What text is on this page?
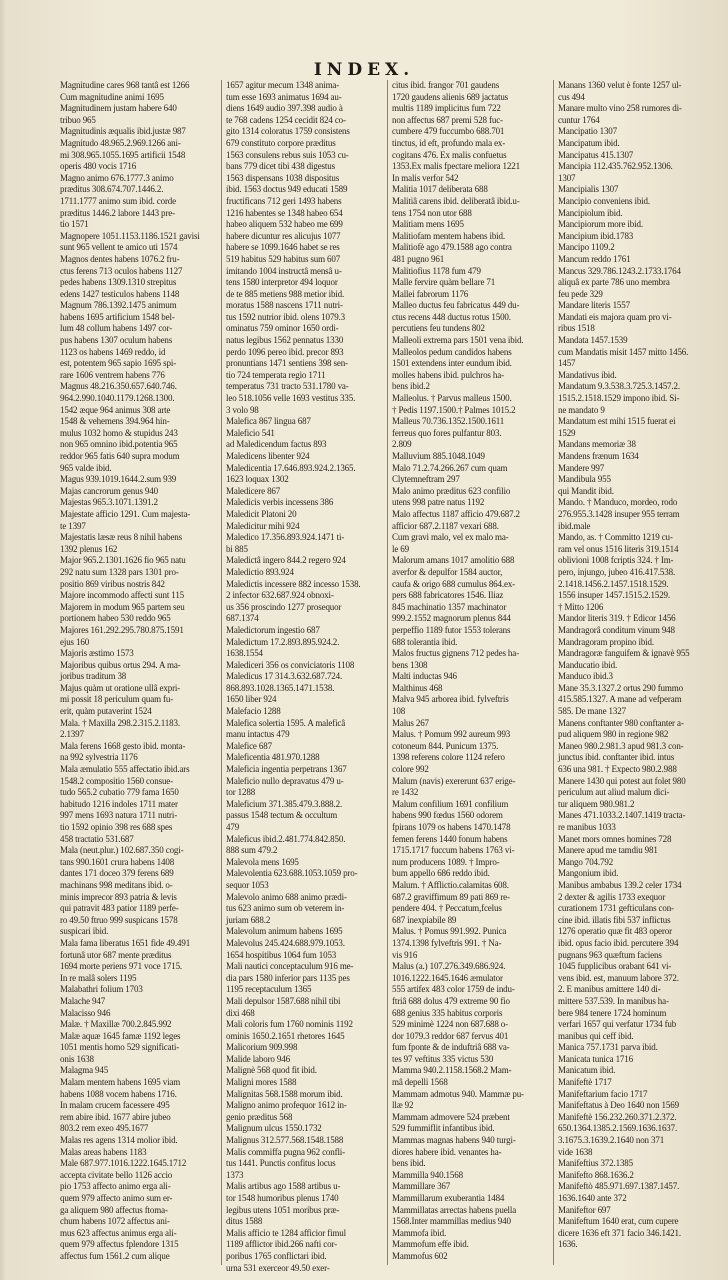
INDEX.
Magnitudine cares 968 tantâ est 1266
Cum magnitudine animi 1695
Magnitudinem justam habere 640
tribuo 965
Magnitudinis æqualis ibid.justæ 987
Magnitudo 48.965.2.969.1266 ani-
mi 308.965.1055.1695 artificii 1548
operis 480 vocis 1716
Magno animo 676.1777.3 animo
præditus 308.674.707.1446.2.
1711.1777 animo sum ibid. corde
præditus 1446.2 labore 1443 pre-
tio 1571
Magnopere 1051.1153.1186.1521 gavisi
sunt 965 vellent te amico uti 1574
Magnos dentes habens 1076.2 fru-
ctus ferens 713 oculos habens 1127
pedes habens 1309.1310 strepitus
edens 1427 testiculos habens 1148
Magnum 786.1392.1475 animum
habens 1695 artificium 1548 bel-
lum 48 collum habens 1497 cor-
pus habens 1307 oculum habens
1123 os habens 1469 reddo, id
est, potentem 965 sapio 1695 spi-
rare 1606 ventrem habens 776
Magnus 48.216.350.657.640.746.
964.2.990.1040.1179.1268.1300.
1542 æque 964 animus 308 arte
1548 & vehemens 394.964 hin-
mulus 1032 homo & stupidus 243
non 965 omnino ibid.potentia 965
reddor 965 fatis 640 supra modum
965 valde ibid.
Magus 939.1019.1644.2.sum 939
Majas cancrorum genus 940
Majestas 965.3.1071.1391.2
Majestate afficio 1291. Cum majesta-
te 1397
Majestatis læsæ reus 8 nihil habens
1392 plenus 162
Major 965.2.1301.1626 fio 965 natu
292 natu sum 1328 pars 1301 pro-
positio 869 viribus nostris 842
Majore incommodo affecti sunt 115
Majorem in modum 965 partem seu
portionem habeo 530 reddo 965
Majores 161.292.295.780.875.1591
ejus 160
Majoris æstimo 1573
Majoribus quibus ortus 294. A ma-
joribus traditum 38
Majus quàm ut oratione ullâ expri-
mi possit 18 periculum quam fu-
erit, quàm putaverint 1524
Mala. † Maxilla 298.2.315.2.1183.
2.1397
Mala ferens 1668 gesto ibid. monta-
na 992 sylvestria 1176
Mala æmulatio 555 affectatio ibid.ars
1548.2 compositio 1560 consue-
tudo 565.2 cubatio 779 fama 1650
habitudo 1216 indoles 1711 mater
997 mens 1693 natura 1711 nutri-
tio 1592 opinio 398 res 688 spes
458 tractatio 531.687
Mala (neut.plur.) 102.687.350 cogi-
tans 990.1601 crura habens 1408
dantes 171 doceo 379 ferens 689
machinans 998 meditans ibid. o-
minis imprecor 893 patria & levis
qui patravit 483 patior 1189 perfe-
ro 49.50 ftruo 999 suspicans 1578
suspicari ibid.
Mala fama liberatus 1651 fide 49.491
fortunâ utor 687 mente præditus
1694 morte periens 971 voce 1715.
In re malâ solers 1195
Malabathri folium 1703
Malache 947
Malacisso 946
Malæ. † Maxillæ 700.2.845.992
Malæ aquæ 1645 famæ 1192 leges
1051 mentis homo 529 significati-
onis 1638
Malagma 945
Malam mentem habens 1695 viam
habens 1088 vocem habens 1716.
In malam crucem facessere 495
rem abire ibid. 1677 abire jubeo
803.2 rem exeo 495.1677
Malas res agens 1314 molior ibid.
Malas areas habens 1183
Male 687.977.1016.1222.1645.1712
accepta civitate bello 1126 accio
pio 1753 affecto animo erga ali-
quem 979 affecto animo sum er-
ga aliquem 980 affectus ftoma-
chum habens 1072 affectus ani-
mus 623 affectus animus erga ali-
quem 979 affectus fplendore 1315
affectus fum 1561.2 cum alique
1657 agitur mecum 1348 anima-
tum esse 1693 animatus 1694 au-
diens 1649 audio 397.398 audio à
te 768 cadens 1254 cecidit 824 co-
gito 1314 coloratus 1759 consistens
679 constituto corpore præditus
1563 consulens rebus suis 1053 cu-
bans 779 dicet tibi 438 digestus
1563 dispensans 1038 dispositus
ibid. 1563 doctus 949 educati 1589
fructificans 712 geri 1493 habens
1216 habentes se 1348 habeo 654
habeo aliquem 532 habeo me 699
habere dicuntur res alicujus 1077
habere se 1099.1646 habet se res
519 habitus 529 habitus sum 607
imitando 1004 instructâ mensâ u-
tens 1580 interpretor 494 loquor
de te 885 metiens 988 metior ibid.
moratus 1588 nascens 1711 nutri-
tus 1592 nutrior ibid. olens 1079.3
ominatus 759 ominor 1650 ordi-
natus legibus 1562 pennatus 1330
perdo 1096 pereo ibid. precor 893
pronuntians 1471 sentiens 398 sen-
tio 724 temperata regio 1711
temperatus 731 tracto 531.1780 va-
leo 518.1056 velle 1693 vestitus 335.
3 volo 98
Malefica 867 lingua 687
Maleficio 541
ad Maledicendum factus 893
Maledicens libenter 924
Maledicentia 17.646.893.924.2.1365.
1623 loquax 1302
Maledicere 867
Maledicis verbis incessens 386
Maledicit Platoni 20
Maledicitur mihi 924
Maledico 17.356.893.924.1471 ti-
bi 885
Maledictâ ingero 844.2 regero 924
Maledictio 893.924
Maledictis incessere 882 incesso 1538.
2 infector 632.687.924 obnoxi-
us 356 proscindo 1277 prosequor
687.1374
Maledictorum ingestio 687
Maledictum 17.2.893.895.924.2.
1638.1554
Malediceri 356 os conviciatoris 1108
Maledicus 17 314.3.632.687.724.
868.893.1028.1365.1471.1538.
1650 liber 924
Malefacio 1288
Malefica solertia 1595. A maleficâ
manu intactus 479
Malefice 687
Maleficentia 481.970.1288
Maleficia ingentia perpetrans 1367
Maleficio nullo depravatus 479 u-
tor 1288
Maleficium 371.385.479.3.888.2.
passus 1548 tectum & occultum
479
Maleficus ibid.2.481.774.842.850.
888 sum 479.2
Malevola mens 1695
Malevolentia 623.688.1053.1059 pro-
sequor 1053
Malevolo animo 688 animo prædi-
tus 623 animo sum ob veterem in-
juriam 688.2
Malevolum animum habens 1695
Malevolus 245.424.688.979.1053.
1654 hospitibus 1064 fum 1053
Mali nautici conceptaculum 916 me-
dia pars 1580 inferior pars 1135 pes
1195 receptaculum 1365
Mali depulsor 1587.688 nihil tibi
dixi 468
Mali coloris fum 1760 nominis 1192
ominis 1650.2.1651 rhetores 1645
Malicorium 909.998
Malide laboro 946
Malignè 568 quod fit ibid.
Maligni mores 1588
Malignitas 568.1588 morum ibid.
Maligno animo profequor 1612 in-
genio præditus 568
Malignum ulcus 1550.1732
Malignus 312.577.568.1548.1588
Malis commiffa pugna 962 confli-
tus 1441. Punctis confitus locus
1373
Malis artibus ago 1588 artibus u-
tor 1548 humoribus plenus 1740
legibus utens 1051 moribus præ-
ditus 1588
Malis afficio te 1284 afficior fimul
1189 afflictor ibid.266 nafti cor-
poribus 1765 conflictari ibid.
urna 531 exerceor 49.50 exer-
citus ibid. frangor 701 gaudens
1720 gaudens alienis 689 jactatus
multis 1189 implicitus fum 722
non affectus 687 premi 528 fuc-
cumbere 479 fuccumbo 688.701
tinctus, id eft, profundo mala ex-
cogitans 476. Ex malis confuetus
1353.Ex malis fpectare meliora 1221
In malis verfor 542
Malitia 1017 deliberata 688
Malitiâ carens ibid. deliberatâ ibid.u-
tens 1754 non utor 688
Malitiam mens 1695
Malitiofam mentem habens ibid.
Malitiofè ago 479.1588 ago contra
481 pugno 961
Malitiofius 1178 fum 479
Malle fervire quàm bellare 71
Mallei fabrorum 1176
Malleo ductus feu fabricatus 449 du-
ctus recens 448 ductus rotus 1500.
percutiens feu tundens 802
Malleoli extrema pars 1501 vena ibid.
Malleolos pedum candidos habens
1501 extendens inter eundum ibid.
molles habens ibid. pulchros ha-
bens ibid.2
Malleolus. † Parvus malleus 1500.
† Pedis 1197.1500.† Palmes 1015.2
Malleus 70.736.1352.1500.1611
ferreus quo fores pulfantur 803.
2.809
Malluvium 885.1048.1049
Malo 71.2.74.266.267 cum quam
Clytemneftram 297
Malo animo præditus 623 confilio
utens 998 patre natus 1192
Malo affectus 1187 afficio 479.687.2
afficior 687.2.1187 vexari 688.
Cum gravi malo, vel ex malo ma-
le 69
Malorum amans 1017 amolitio 688
averfor & depulfor 1584 auctor,
caufa & origo 688 cumulus 864.ex-
pers 688 fabricatores 1546. Iliaz
845 machinatio 1357 machinator
999.2.1552 magnorum plenus 844
perpeffio 1189 futor 1553 tolerans
688 tolerantia ibid.
Malos fructus gignens 712 pedes ha-
bens 1308
Malti inductas 946
Malthinus 468
Malva 945 arborea ibid. fylveftris
108
Malus 267
Malus. † Pomum 992 aureum 993
cotoneum 844. Punicum 1375.
1398 referens colore 1124 refero
colore 992
Malum (navis) exererunt 637 erige-
re 1432
Malum confilium 1691 confilium
habens 990 fœdus 1560 odorem
fpirans 1079 os habens 1470.1478
femen ferens 1440 fonum habens
1715.1717 fuccum habens 1763 vi-
num producens 1089. † Impro-
bum appello 686 reddo ibid.
Malum. † Afflictio.calamitas 608.
687.2 graviffimum 89 pati 869 re-
pendere 404. † Peccatum,fcelus
687 inexpiabile 89
Malus. † Pomus 991.992. Punica
1374.1398 fylveftris 991. † Na-
vis 916
Malus (a.) 107.276.349.686.924.
1016.1222.1645.1646 æmulator
555 artifex 483 color 1759 de indu-
ftriâ 688 dolus 479 extreme 90 fio
688 genius 335 habitus corporis
529 minimè 1224 non 687.688 o-
dor 1079.3 reddor 687 fervus 401
fum fponte & de induftriâ 688 va-
tes 97 veftitus 335 victus 530
Mamma 940.2.1158.1568.2 Mam-
mâ depelli 1568
Mammam admotus 940. Mammæ pu-
llæ 92
Mammam admovere 524 præbent
529 fummiflit infantibus ibid.
Mammas magnas habens 940 turgi-
diores habere ibid. venantes ha-
bens ibid.
Mammilla 940.1568
Mammillare 367
Mammillarum exuberantia 1484
Mammillatas arrectas habens puella
1568.Inter mammillas medius 940
Mammofa ibid.
Mammofum effe ibid.
Mammofus 602
Manans 1360 velut è fonte 1257 ul-
cus 494
Manare multo vino 258 rumores di-
cuntur 1764
Mancipatio 1307
Mancipatum ibid.
Mancipatus 415.1307
Mancipia 112.435.762.952.1306.
1307
Mancipialis 1307
Mancipio conveniens ibid.
Mancipiolum ibid.
Mancipiorum more ibid.
Mancipium ibid.1783
Mancipo 1109.2
Mancum reddo 1761
Mancus 329.786.1243.2.1733.1764
aliquâ ex parte 786 uno membra
feu pede 329
Mandare literis 1557
Mandati eis majora quam pro vi-
ribus 1518
Mandata 1457.1539
cum Mandatis misit 1457 mitto 1456.
1457
Mandativus ibid.
Mandatum 9.3.538.3.725.3.1457.2.
1515.2.1518.1529 impono ibid. Si-
ne mandato 9
Mandatum est mihi 1515 fuerat ei
1529
Mandans memoriæ 38
Mandens frænum 1634
Mandere 997
Mandibula 955
qui Mandit ibid.
Mando. † Manduco, mordeo, rodo
276.955.3.1428 insuper 955 terram
ibid.male
Mando, as. † Committo 1219 cu-
ram vel onus 1516 literis 319.1514
oblivioni 1008 fcriptis 324. † Im-
pero, injungo, jubeo 416.417.538.
2.1418.1456.2.1457.1518.1529.
1556 insuper 1457.1515.2.1529.
† Mitto 1206
Mandor literis 319. † Edicor 1456
Mandragorâ conditum vinum 948
Mandragoram propino ibid.
Mandragoræ fanguifem & ignavè 955
Manducatio ibid.
Manduco ibid.3
Mane 35.3.1327.2 ortus 290 fummo
415.585.1327. A mane ad vefperam
585. De mane 1327
Manens conftanter 980 conftanter a-
pud aliquem 980 in regione 982
Maneo 980.2.981.3 apud 981.3 con-
junctus ibid. conftanter ibid. intus
636 una 981. † Expecto 980.2.988
Manere 1430 qui potest aut folet 980
periculum aut aliud malum dici-
tur aliquem 980.981.2
Manes 471.1033.2.1407.1419 tracta-
re manibus 1033
Manet mors omnes homines 728
Manere apud me tamdiu 981
Mango 704.792
Mangonium ibid.
Manibus ambabus 139.2 celer 1734
2 dexter & agilis 1733 exequor
curationem 1731 gefticulans con-
cine ibid. illatis fibi 537 inflictus
1276 operatio quæ fit 483 operor
ibid. opus facio ibid. percutere 394
pugnans 963 quæftum faciens
1045 fupplicibus orabant 641 vi-
vens ibid. est, manuum labore 372.
2. E manibus amittere 140 di-
mittere 537.539. In manibus ha-
bere 984 tenere 1724 hominum
verfari 1657 qui verfatur 1734 fub
manibus qui ceff ibid.
Manica 757.1731 parva ibid.
Manicata tunica 1716
Manicatum ibid.
Manifeftè 1717
Manifeftarium facio 1717
Manifeftatus à Deo 1640 non 1569
Manifeftè 156.232.260.371.2.372.
650.1364.1385.2.1569.1636.1637.
3.1675.3.1639.2.1640 non 371
vide 1638
Manifeftius 372.1385
Manifefto 868.1636.2
Manifeftò 485.971.697.1387.1457.
1636.1640 ante 372
Manifeftor 697
Manifeftum 1640 erat, cum cupere
dicere 1636 eft 371 facio 346.1421.
1636.
